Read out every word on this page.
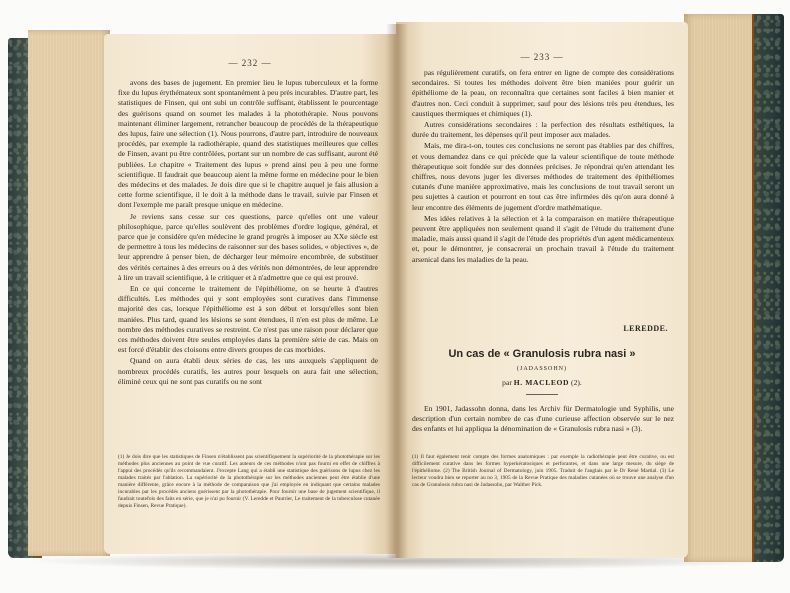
— 232 —

avons des bases de jugement. En premier lieu le lupus tuberculeux et la forme fixe du lupus érythémateux sont spontanément à peu près incurables. D'autre part, les statistiques de Finsen, qui ont subi un contrôle suffisant, établissent le pourcentage des guérisons quand on soumet les malades à la photothérapie. Nous pouvons maintenant éliminer largement, retrancher beaucoup de procédés de la thérapeutique des lupus, faire une sélection (1). Nous pourrons, d'autre part, introduire de nouveaux procédés, par exemple la radiothérapie, quand des statistiques meilleures que celles de Finsen, avant pu être contrôlées, portant sur un nombre de cas suffisant, auront été publiées. Le chapitre « Traitement des lupus » prend ainsi peu à peu une forme scientifique. Il faudrait que beaucoup aient la même forme en médecine pour le bien des médecins et des malades. Je dois dire que si le chapitre auquel je fais allusion a cette forme scientifique, il le doit à la méthode dans le travail, suivie par Finsen et dont l'exemple me paraît presque unique en médecine.

Je reviens sans cesse sur ces questions, parce qu'elles ont une valeur philosophique, parce qu'elles soulèvent des problèmes d'ordre logique, général, et parce que je considère qu'en médecine le grand progrès à imposer au XXe siècle est de permettre à tous les médecins de raisonner sur des bases solides, « objectives », de leur apprendre à penser bien, de décharger leur mémoire encombrée, de substituer des vérités certaines à des erreurs ou à des vérités non démontrées, de leur apprendre à lire un travail scientifique, à le critiquer et à n'admettre que ce qui est prouvé.

En ce qui concerne le traitement de l'épithéliome, on se heurte à d'autres difficultés. Les méthodes qui y sont employées sont curatives dans l'immense majorité des cas, lorsque l'épithéliome est à son début et lorsqu'elles sont bien maniées. Plus tard, quand les lésions se sont étendues, il n'en est plus de même. Le nombre des méthodes curatives se restreint. Ce n'est pas une raison pour déclarer que ces méthodes doivent être seules employées dans la première série de cas. Mais on est forcé d'établir des cloisons entre divers groupes de cas morbides.

Quand on aura établi deux séries de cas, les uns auxquels s'appliquent de nombreux procédés curatifs, les autres pour lesquels on aura fait une sélection, éliminé ceux qui ne sont pas curatifs ou ne sont

(1) Je dois dire que les statistiques de Finsen n'établissent pas scientifiquement la supériorité de la photothérapie sur les méthodes plus anciennes au point de vue curatif. Les auteurs de ces méthodes n'ont pas fourni en effet de chiffres à l'appui des procédés qu'ils recommandaient. J'excepte Lang qui a établi une statistique des guérisons de lupus chez les malades traités par l'ablation. La supériorité de la photothérapie sur les méthodes anciennes peut être établie d'une manière différente, grâce encore à la méthode de comparaison que j'ai employée en indiquant que certains malades incurables par les procédés anciens guérissent par la photothérapie. Pour fournir une base de jugement scientifique, il faudrait toutefois des faits en série, que je n'ai pu fournir (V. Leredde et Pautrier, Le traitement de la tuberculose cutanée depuis Finsen, Revue Pratique).
— 233 —

pas régulièrement curatifs, on fera entrer en ligne de compte des considérations secondaires. Si toutes les méthodes doivent être bien maniées pour guérir un épithéliome de la peau, on reconnaîtra que certaines sont faciles à bien manier et d'autres non. Ceci conduit à supprimer, sauf pour des lésions très peu étendues, les caustiques thermiques et chimiques (1).

Autres considérations secondaires : la perfection des résultats esthétiques, la durée du traitement, les dépenses qu'il peut imposer aux malades.

Mais, me dira-t-on, toutes ces conclusions ne seront pas établies par des chiffres, et vous demandez dans ce qui précède que la valeur scientifique de toute méthode thérapeutique soit fondée sur des données précises. Je répondrai qu'en attendant les chiffres, nous devons juger les diverses méthodes de traitement des épithéliomes cutanés d'une manière approximative, mais les conclusions de tout travail seront un peu sujettes à caution et pourront en tout cas être infirmées dès qu'on aura donné à leur encontre des éléments de jugement d'ordre mathématique.

Mes idées relatives à la sélection et à la comparaison en matière thérapeutique peuvent être appliquées non seulement quand il s'agit de l'étude du traitement d'une maladie, mais aussi quand il s'agit de l'étude des propriétés d'un agent médicamenteux et, pour le démontrer, je consacrerai un prochain travail à l'étude du traitement arsenical dans les maladies de la peau.

LEREDDE.
Un cas de « Granulosis rubra nasi »
(JADASSOHN)
par H. MACLEOD (2).

En 1901, Jadassohn donna, dans les Archiv für Dermatologie und Syphilis, une description d'un certain nombre de cas d'une curieuse affection observée sur le nez des enfants et lui appliqua la dénomination de « Granulosis rubra nasi » (3).

(1) Il faut également tenir compte des formes anatomiques : par exemple la radiothérapie peut être curative, ou est difficilement curative dans les formes hyperkératosiques et perforantes, et dans une large mesure, du siège de l'épithéliome. (2) The British Journal of Dermatology, juin 1905. Traduit de l'anglais par le Dr René Martial. (3) Le lecteur voudra bien se reporter au no 3, 1905 de la Revue Pratique des maladies cutanées où se trouve une analyse d'un cas de Granulosis rubra nasi de Jadassohn, par Walther Pick.
